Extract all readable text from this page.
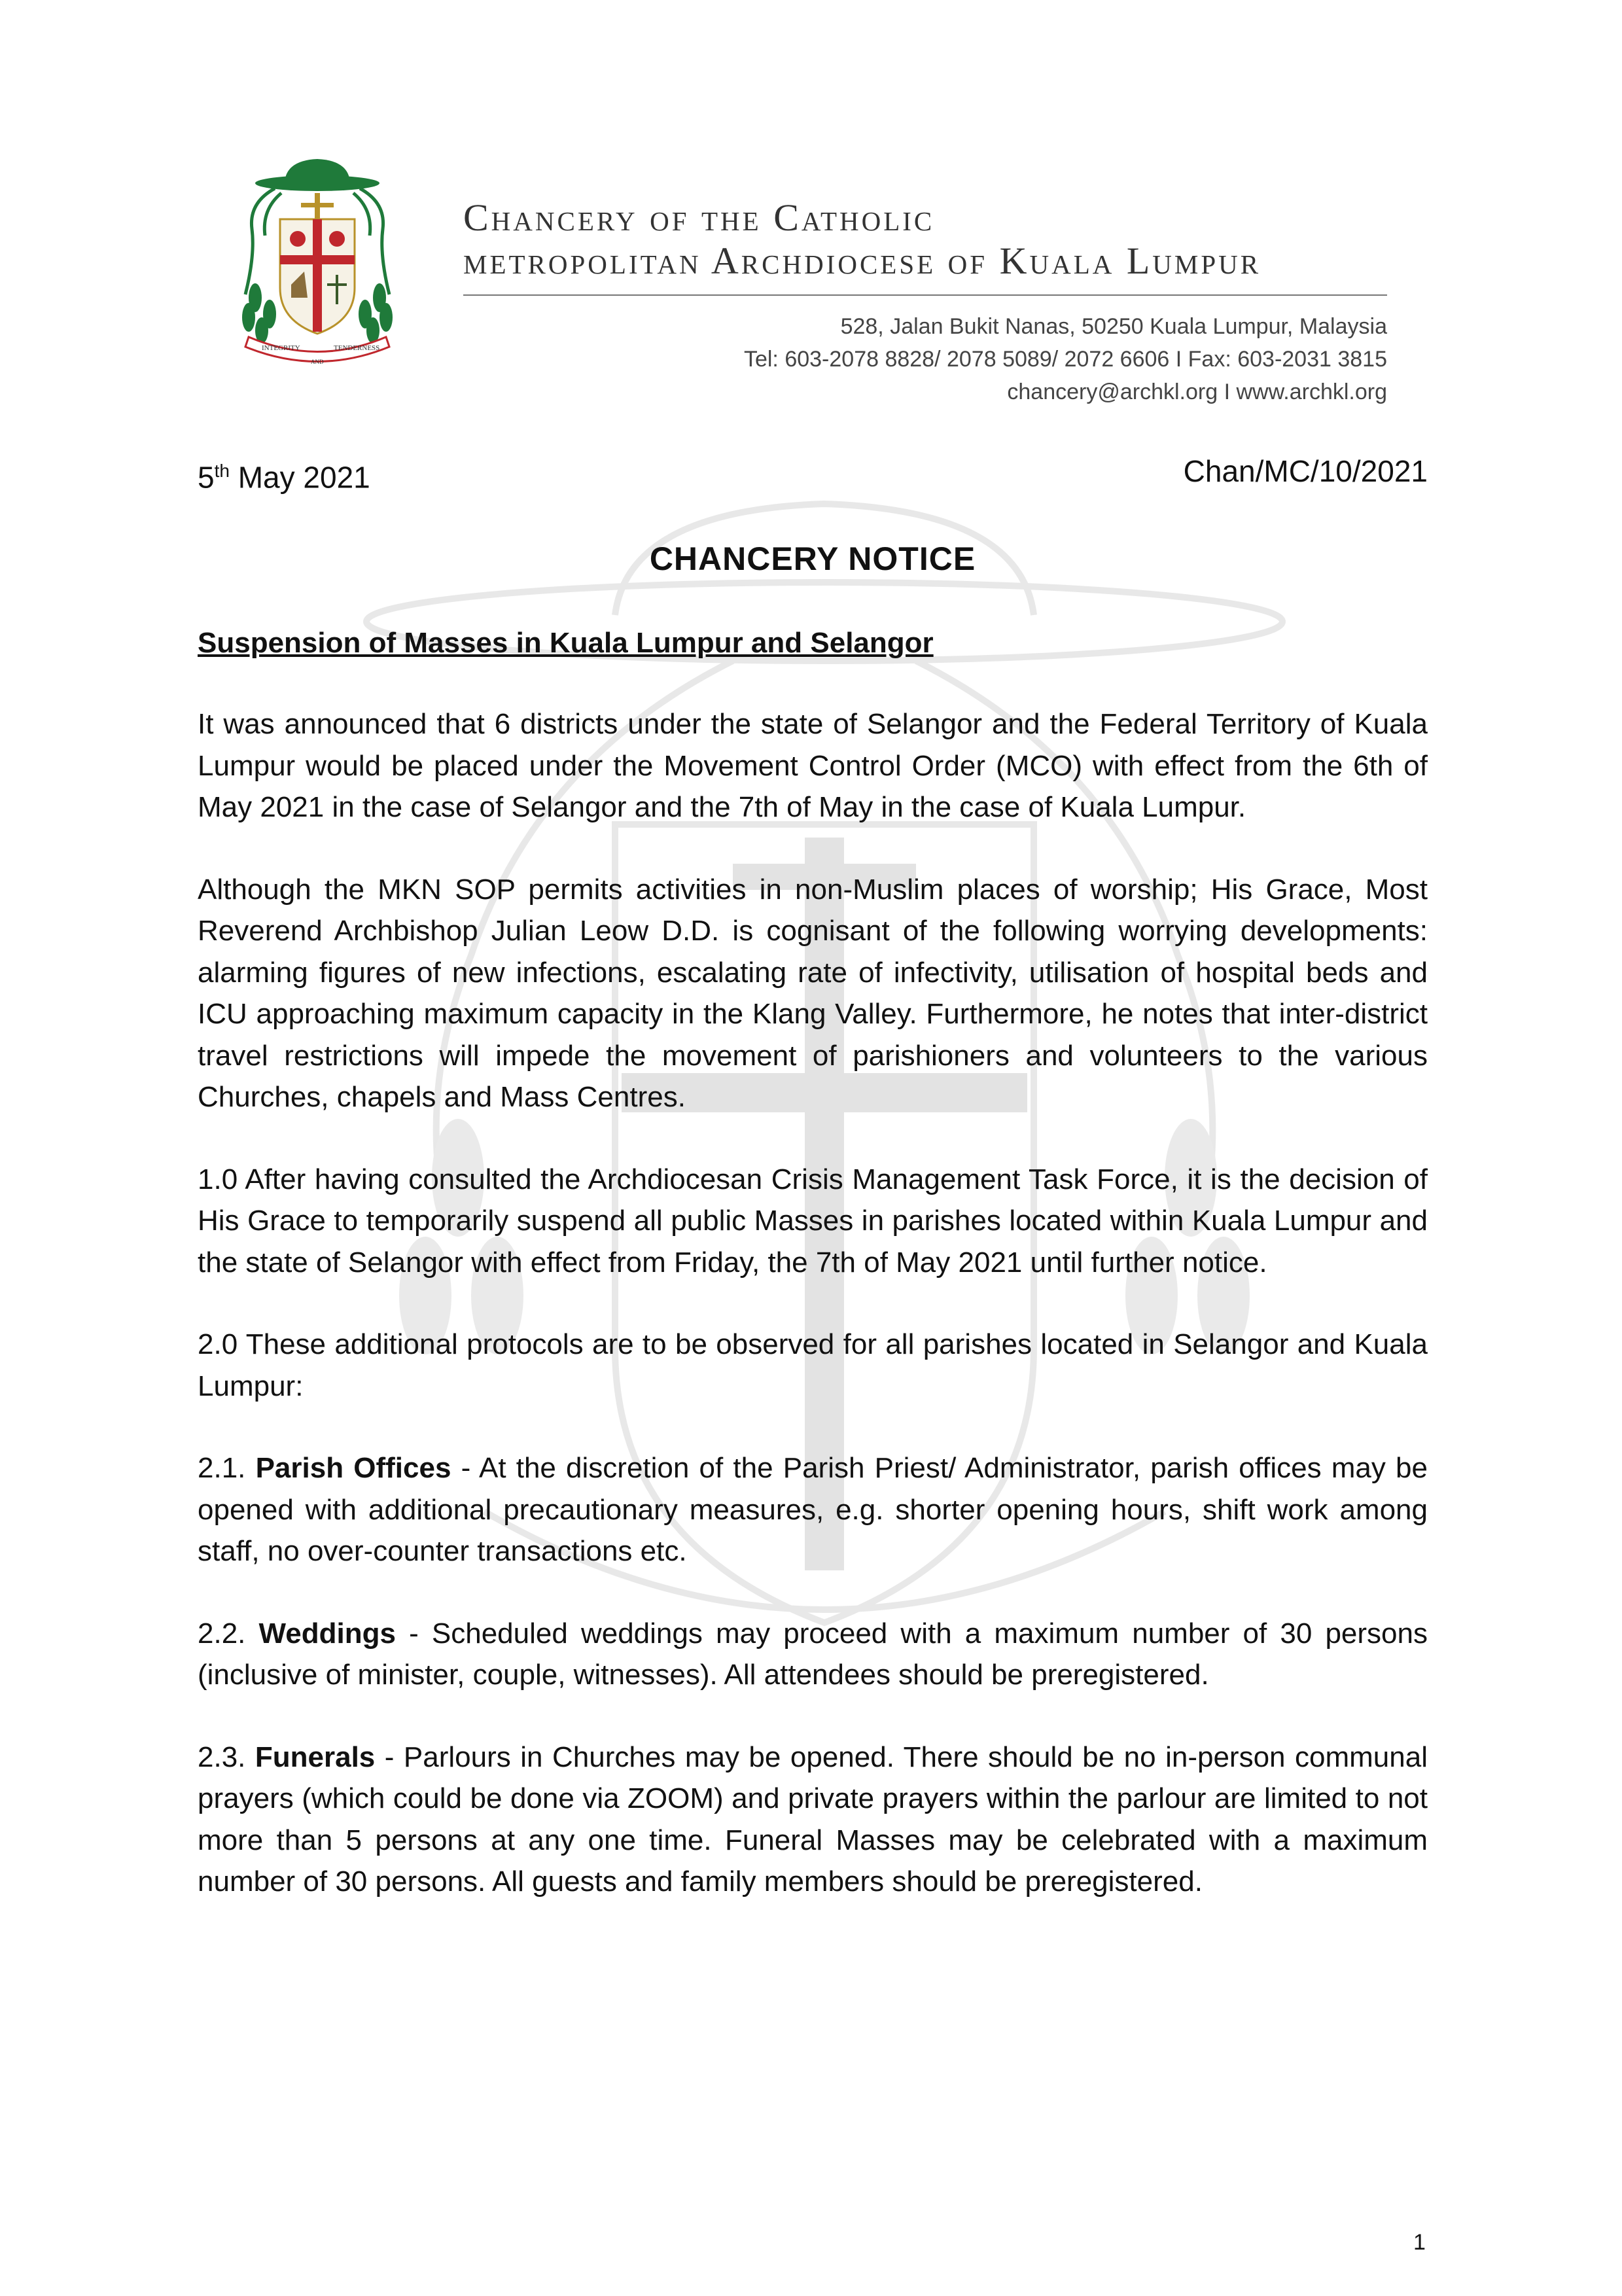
INTEGRITY	TENDERNESS
AND
Chancery of the Catholic
metropolitan Archdiocese of Kuala Lumpur
528, Jalan Bukit Nanas, 50250 Kuala Lumpur, Malaysia
Tel: 603-2078 8828/ 2078 5089/ 2072 6606 I Fax: 603-2031 3815
chancery@archkl.org I www.archkl.org
5th May 2021	Chan/MC/10/2021
CHANCERY NOTICE
Suspension of Masses in Kuala Lumpur and Selangor

It was announced that 6 districts under the state of Selangor and the Federal Territory of Kuala Lumpur would be placed under the Movement Control Order (MCO) with effect from the 6th of May 2021 in the case of Selangor and the 7th of May in the case of Kuala Lumpur.

Although the MKN SOP permits activities in non-Muslim places of worship; His Grace, Most Reverend Archbishop Julian Leow D.D. is cognisant of the following worrying developments: alarming figures of new infections, escalating rate of infectivity, utilisation of hospital beds and ICU approaching maximum capacity in the Klang Valley. Furthermore, he notes that inter-district travel restrictions will impede the movement of parishioners and volunteers to the various Churches, chapels and Mass Centres.

1.0 After having consulted the Archdiocesan Crisis Management Task Force, it is the decision of His Grace to temporarily suspend all public Masses in parishes located within Kuala Lumpur and the state of Selangor with effect from Friday, the 7th of May 2021 until further notice.

2.0 These additional protocols are to be observed for all parishes located in Selangor and Kuala Lumpur:

2.1. Parish Offices - At the discretion of the Parish Priest/ Administrator, parish offices may be opened with additional precautionary measures, e.g. shorter opening hours, shift work among staff, no over-counter transactions etc.

2.2. Weddings - Scheduled weddings may proceed with a maximum number of 30 persons (inclusive of minister, couple, witnesses). All attendees should be preregistered.

2.3. Funerals - Parlours in Churches may be opened. There should be no in-person communal prayers (which could be done via ZOOM) and private prayers within the parlour are limited to not more than 5 persons at any one time. Funeral Masses may be celebrated with a maximum number of 30 persons. All guests and family members should be preregistered.

1
